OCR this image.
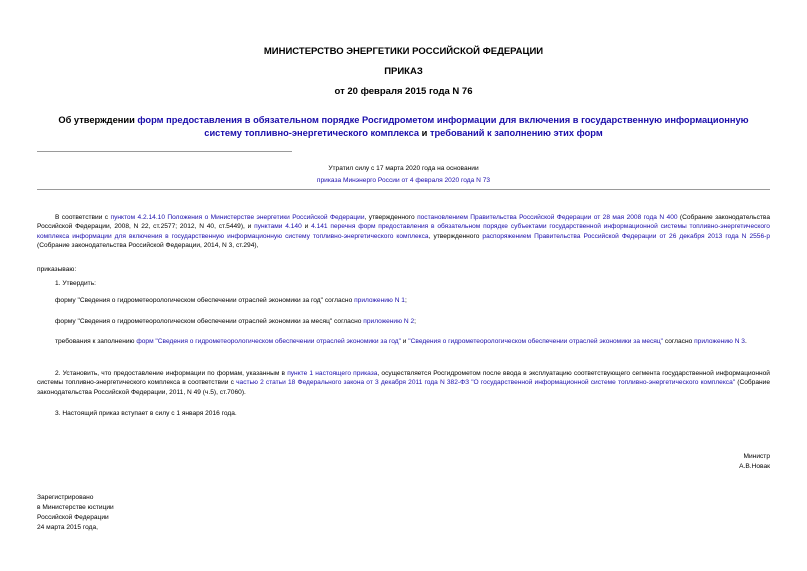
МИНИСТЕРСТВО ЭНЕРГЕТИКИ РОССИЙСКОЙ ФЕДЕРАЦИИ
ПРИКАЗ
от 20 февраля 2015 года N 76
Об утверждении форм предоставления в обязательном порядке Росгидрометом информации для включения в государственную информационную систему топливно-энергетического комплекса и требований к заполнению этих форм
Утратил силу с 17 марта 2020 года на основании
приказа Минэнерго России от 4 февраля 2020 года N 73
В соответствии с пунктом 4.2.14.10 Положения о Министерстве энергетики Российской Федерации, утвержденного постановлением Правительства Российской Федерации от 28 мая 2008 года N 400 (Собрание законодательства Российской Федерации, 2008, N 22, ст.2577; 2012, N 40, ст.5449), и пунктами 4.140 и 4.141 перечня форм предоставления в обязательном порядке субъектами государственной информационной системы топливно-энергетического комплекса информации для включения в государственную информационную систему топливно-энергетического комплекса, утвержденного распоряжением Правительства Российской Федерации от 26 декабря 2013 года N 2556-р (Собрание законодательства Российской Федерации, 2014, N 3, ст.294),
приказываю:
1. Утвердить:
форму "Сведения о гидрометеорологическом обеспечении отраслей экономики за год" согласно приложению N 1;
форму "Сведения о гидрометеорологическом обеспечении отраслей экономики за месяц" согласно приложению N 2;
требования к заполнению форм "Сведения о гидрометеорологическом обеспечении отраслей экономики за год" и "Сведения о гидрометеорологическом обеспечении отраслей экономики за месяц" согласно приложению N 3.
2. Установить, что предоставление информации по формам, указанным в пункте 1 настоящего приказа, осуществляется Росгидрометом после ввода в эксплуатацию соответствующего сегмента государственной информационной системы топливно-энергетического комплекса в соответствии с частью 2 статьи 18 Федерального закона от 3 декабря 2011 года N 382-ФЗ "О государственной информационной системе топливно-энергетического комплекса" (Собрание законодательства Российской Федерации, 2011, N 49 (ч.5), ст.7060).
3. Настоящий приказ вступает в силу с 1 января 2016 года.
Министр
А.В.Новак
Зарегистрировано
в Министерстве юстиции
Российской Федерации
24 марта 2015 года,
